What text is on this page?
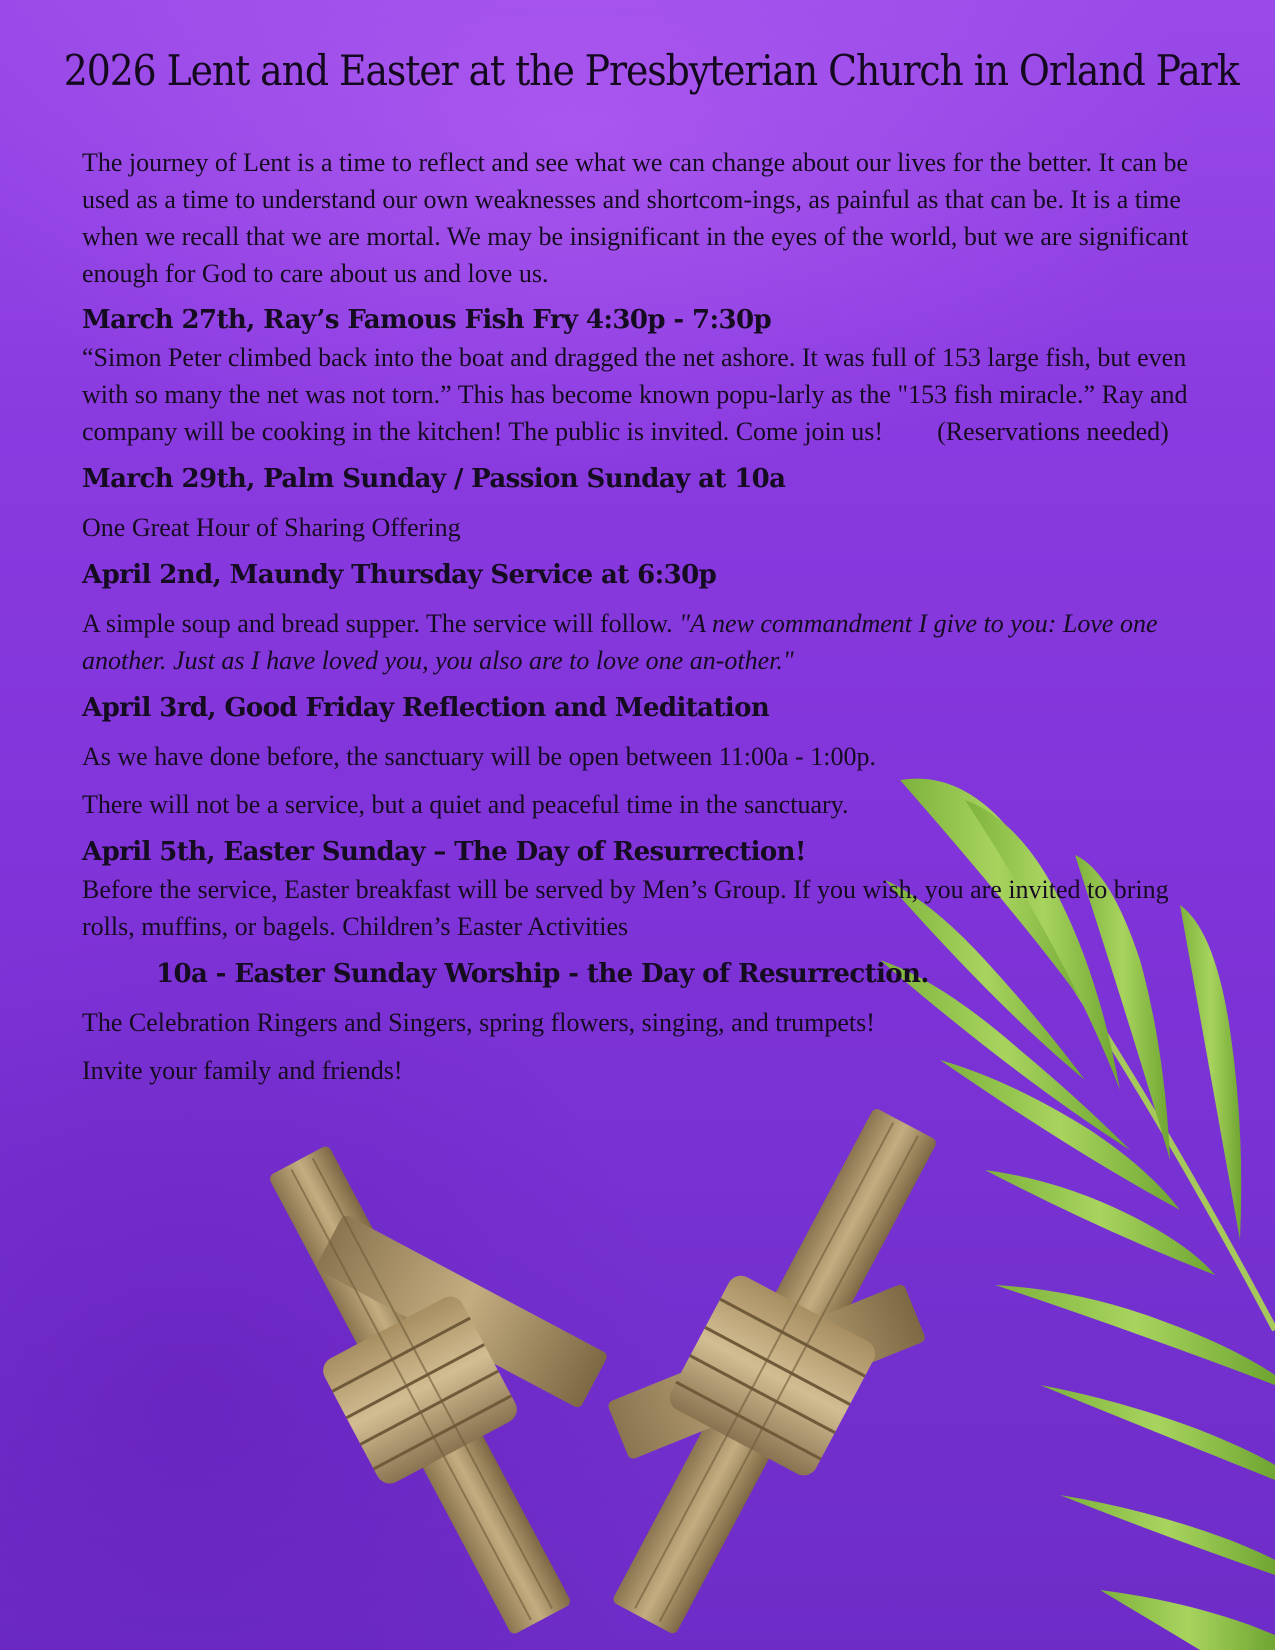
2026 Lent and Easter at the Presbyterian Church in Orland Park

The journey of Lent is a time to reflect and see what we can change about our lives for the better. It can be used as a time to understand our own weaknesses and shortcom-ings, as painful as that can be. It is a time when we recall that we are mortal. We may be insignificant in the eyes of the world, but we are significant enough for God to care about us and love us.

March 27th, Ray’s Famous Fish Fry 4:30p - 7:30p

“Simon Peter climbed back into the boat and dragged the net ashore. It was full of 153 large fish, but even with so many the net was not torn.” This has become known popu-larly as the "153 fish miracle.” Ray and company will be cooking in the kitchen! The public is invited. Come join us! (Reservations needed)

March 29th, Palm Sunday / Passion Sunday at 10a

One Great Hour of Sharing Offering

April 2nd, Maundy Thursday Service at 6:30p

A simple soup and bread supper. The service will follow. "A new commandment I give to you: Love one another. Just as I have loved you, you also are to love one an-other."

April 3rd, Good Friday Reflection and Meditation

As we have done before, the sanctuary will be open between 11:00a - 1:00p.

There will not be a service, but a quiet and peaceful time in the sanctuary.

April 5th, Easter Sunday – The Day of Resurrection!

Before the service, Easter breakfast will be served by Men’s Group. If you wish, you are invited to bring rolls, muffins, or bagels. Children’s Easter Activities

10a - Easter Sunday Worship - the Day of Resurrection.

The Celebration Ringers and Singers, spring flowers, singing, and trumpets!

Invite your family and friends!
